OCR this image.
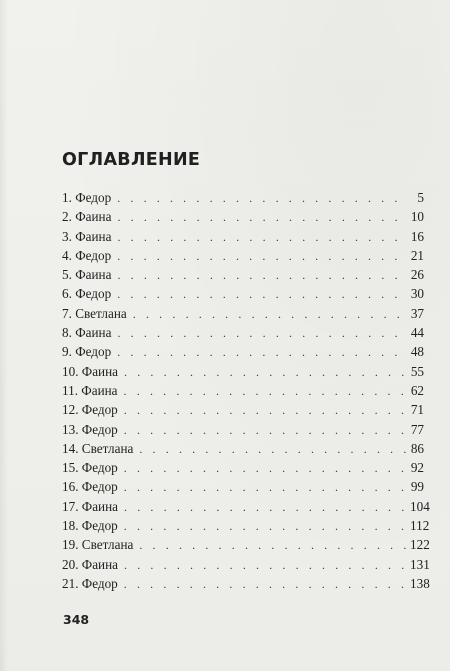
ОГЛАВЛЕНИЕ
1. Федор . . .	5
2. Фаина . . .	10
3. Фаина . . .	16
4. Федор . . .	21
5. Фаина . . .	26
6. Федор . . .	30
7. Светлана . . .	37
8. Фаина . . .	44
9. Федор . . .	48
10. Фаина . . .	55
11. Фаина . . .	62
12. Федор . . .	71
13. Федор . . .	77
14. Светлана . . .	86
15. Федор . . .	92
16. Федор . . .	99
17. Фаина . . .	104
18. Федор . . .	112
19. Светлана . . .	122
20. Фаина . . .	131
21. Федор . . .	138
348
